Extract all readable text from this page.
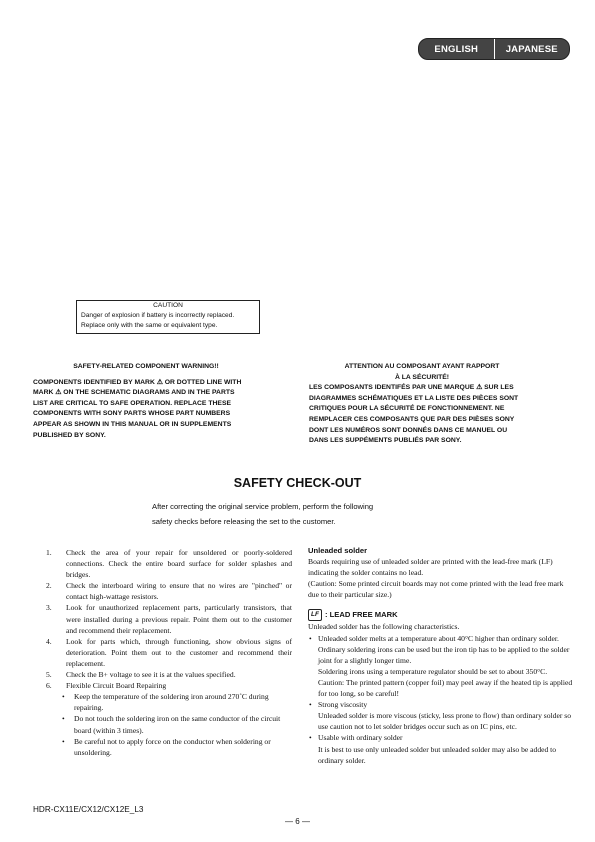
ENGLISH	JAPANESE
CAUTION
Danger of explosion if battery is incorrectly replaced.
Replace only with the same or equivalent type.
SAFETY-RELATED COMPONENT WARNING!!
COMPONENTS IDENTIFIED BY MARK ⚠ OR DOTTED LINE WITH
MARK ⚠ ON THE SCHEMATIC DIAGRAMS AND IN THE PARTS
LIST ARE CRITICAL TO SAFE OPERATION. REPLACE THESE
COMPONENTS WITH SONY PARTS WHOSE PART NUMBERS
APPEAR AS SHOWN IN THIS MANUAL OR IN SUPPLEMENTS
PUBLISHED BY SONY.
ATTENTION AU COMPOSANT AYANT RAPPORT
À LA SÉCURITÉ!
LES COMPOSANTS IDENTIFÉS PAR UNE MARQUE ⚠ SUR LES
DIAGRAMMES SCHÉMATIQUES ET LA LISTE DES PIÈCES SONT
CRITIQUES POUR LA SÉCURITÉ DE FONCTIONNEMENT. NE
REMPLACER CES COMPOSANTS QUE PAR DES PIÈSES SONY
DONT LES NUMÉROS SONT DONNÉS DANS CE MANUEL OU
DANS LES SUPPÉMENTS PUBLIÉS PAR SONY.
SAFETY CHECK-OUT
After correcting the original service problem, perform the following
safety checks before releasing the set to the customer.
1. Check the area of your repair for unsoldered or poorly-soldered connections. Check the entire board surface for solder splashes and bridges.
2. Check the interboard wiring to ensure that no wires are "pinched" or contact high-wattage resistors.
3. Look for unauthorized replacement parts, particularly transistors, that were installed during a previous repair. Point them out to the customer and recommend their replacement.
4. Look for parts which, through functioning, show obvious signs of deterioration. Point them out to the customer and recommend their replacement.
5. Check the B+ voltage to see it is at the values specified.
6. Flexible Circuit Board Repairing
• Keep the temperature of the soldering iron around 270˚C during repairing.
• Do not touch the soldering iron on the same conductor of the circuit board (within 3 times).
• Be careful not to apply force on the conductor when soldering or unsoldering.
Unleaded solder
Boards requiring use of unleaded solder are printed with the lead-free mark (LF) indicating the solder contains no lead.
(Caution: Some printed circuit boards may not come printed with the lead free mark due to their particular size.)
LF : LEAD FREE MARK
Unleaded solder has the following characteristics.
• Unleaded solder melts at a temperature about 40°C higher than ordinary solder.
Ordinary soldering irons can be used but the iron tip has to be applied to the solder joint for a slightly longer time.
Soldering irons using a temperature regulator should be set to about 350°C.
Caution: The printed pattern (copper foil) may peel away if the heated tip is applied for too long, so be careful!
• Strong viscosity
Unleaded solder is more viscous (sticky, less prone to flow) than ordinary solder so use caution not to let solder bridges occur such as on IC pins, etc.
• Usable with ordinary solder
It is best to use only unleaded solder but unleaded solder may also be added to ordinary solder.
HDR-CX11E/CX12/CX12E_L3
— 6 —
